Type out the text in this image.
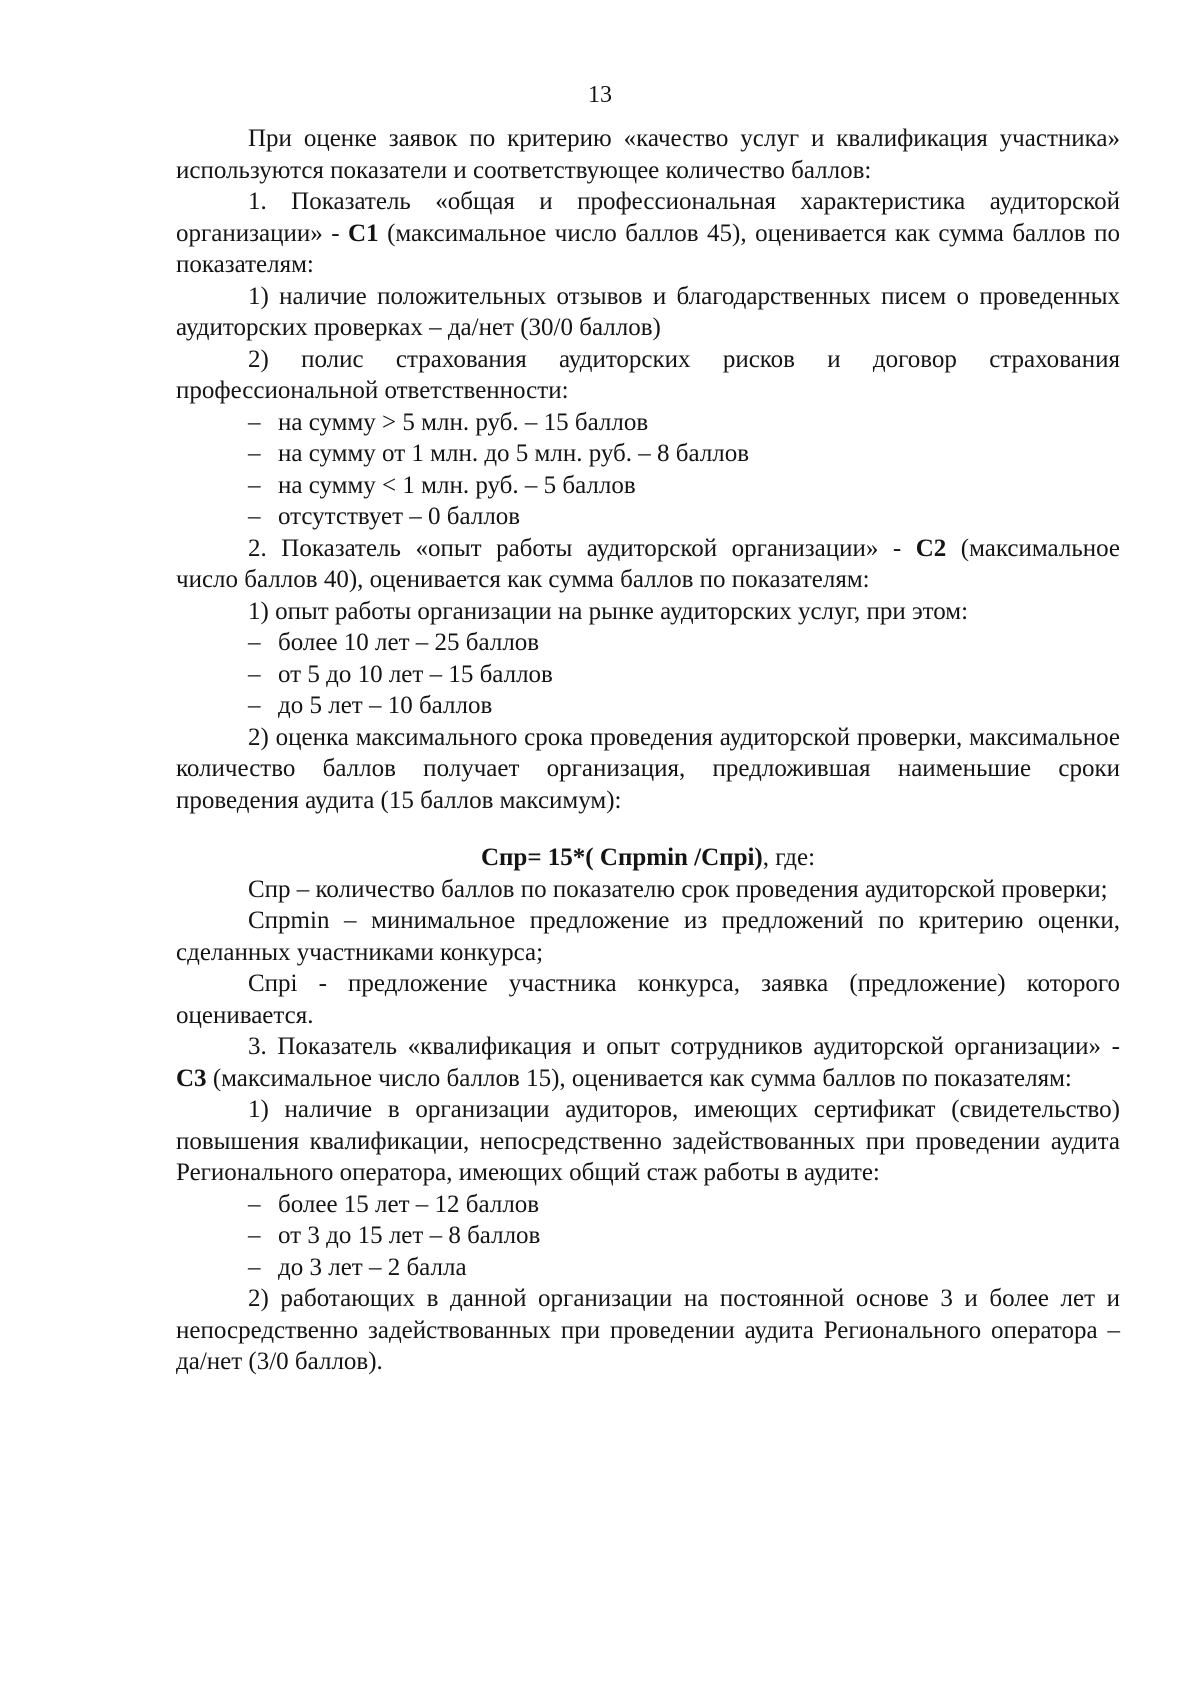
13

При оценке заявок по критерию «качество услуг и квалификация участника» используются показатели и соответствующее количество баллов:

1. Показатель «общая и профессиональная характеристика аудиторской организации» - С1 (максимальное число баллов 45), оценивается как сумма баллов по показателям:

1) наличие положительных отзывов и благодарственных писем о проведенных аудиторских проверках – да/нет (30/0 баллов)

2) полис страхования аудиторских рисков и договор страхования профессиональной ответственности:

– на сумму > 5 млн. руб. – 15 баллов

– на сумму от 1 млн. до 5 млн. руб. – 8 баллов

– на сумму < 1 млн. руб. – 5 баллов

– отсутствует – 0 баллов

2. Показатель «опыт работы аудиторской организации» - С2 (максимальное число баллов 40), оценивается как сумма баллов по показателям:

1) опыт работы организации на рынке аудиторских услуг, при этом:

– более 10 лет – 25 баллов

– от 5 до 10 лет – 15 баллов

– до 5 лет – 10 баллов

2) оценка максимального срока проведения аудиторской проверки, максимальное количество баллов получает организация, предложившая наименьшие сроки проведения аудита (15 баллов максимум):

Спр= 15*( Спрmin /Спрi), где:

Спр – количество баллов по показателю срок проведения аудиторской проверки;

Спрmin – минимальное предложение из предложений по критерию оценки, сделанных участниками конкурса;

Спрi - предложение участника конкурса, заявка (предложение) которого оценивается.

3. Показатель «квалификация и опыт сотрудников аудиторской организации» - С3 (максимальное число баллов 15), оценивается как сумма баллов по показателям:

1) наличие в организации аудиторов, имеющих сертификат (свидетельство) повышения квалификации, непосредственно задействованных при проведении аудита Регионального оператора, имеющих общий стаж работы в аудите:

– более 15 лет – 12 баллов

– от 3 до 15 лет – 8 баллов

– до 3 лет – 2 балла

2) работающих в данной организации на постоянной основе 3 и более лет и непосредственно задействованных при проведении аудита Регионального оператора – да/нет (3/0 баллов).
